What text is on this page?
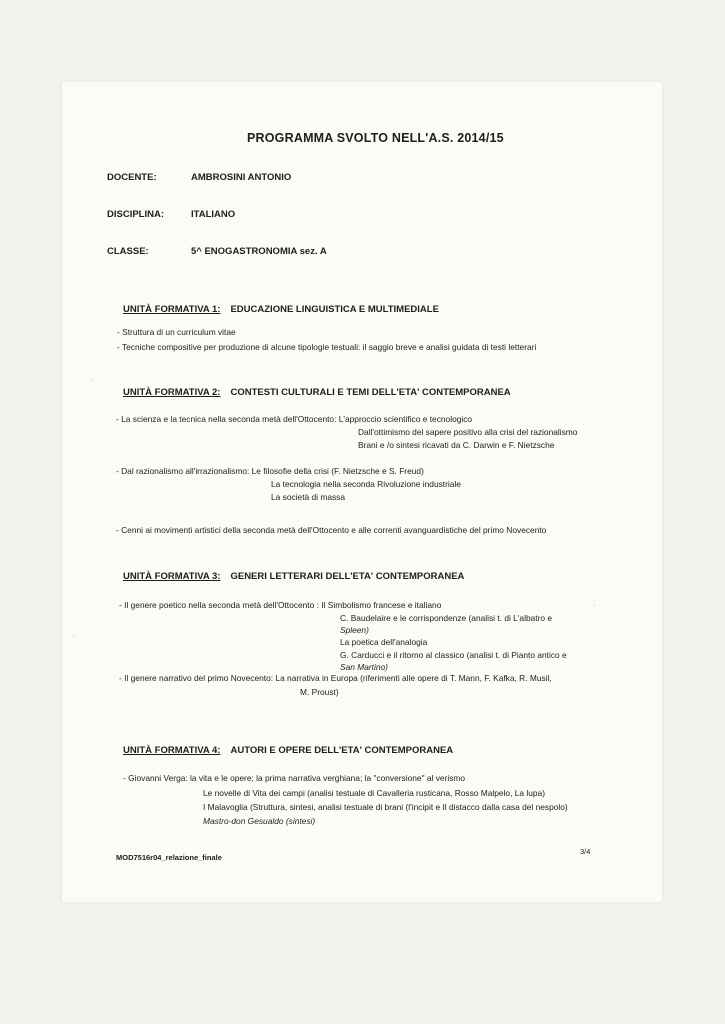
PROGRAMMA SVOLTO NELL'A.S. 2014/15
DOCENTE:	AMBROSINI ANTONIO
DISCIPLINA:	ITALIANO
CLASSE:	5^ ENOGASTRONOMIA sez. A
UNITÀ FORMATIVA 1: EDUCAZIONE LINGUISTICA E MULTIMEDIALE
- Struttura di un curriculum vitae
- Tecniche compositive per produzione di alcune tipologie testuali: il saggio breve e analisi guidata di testi letterari
UNITÀ FORMATIVA 2: CONTESTI CULTURALI E TEMI DELL'ETA' CONTEMPORANEA
- La scienza e la tecnica nella seconda metà dell'Ottocento: L'approccio scientifico e tecnologico
Dall'ottimismo del sapere positivo alla crisi del razionalismo
Brani e /o sintesi ricavati da C. Darwin e F. Nietzsche
- Dal razionalismo all'irrazionalismo: Le filosofie della crisi (F. Nietzsche e S. Freud)
La tecnologia nella seconda Rivoluzione industriale
La società di massa
- Cenni ai movimenti artistici della seconda metà dell'Ottocento e alle correnti avanguardistiche del primo Novecento
UNITÀ FORMATIVA 3: GENERI LETTERARI DELL'ETA' CONTEMPORANEA
- Il genere poetico nella seconda metà dell'Ottocento : Il Simbolismo francese e italiano
C. Baudelaire e le corrispondenze (analisi t. di L'albatro e
Spleen)
La poetica dell'analogia
G. Carducci e il ritorno al classico (analisi t. di Pianto antico e
San Martino)
- Il genere narrativo del primo Novecento: La narrativa in Europa (riferimenti alle opere di T. Mann, F. Kafka, R. Musil,
M. Proust)
UNITÀ FORMATIVA 4: AUTORI E OPERE DELL'ETA' CONTEMPORANEA
- Giovanni Verga: la vita e le opere; la prima narrativa verghiana; la "conversione" al verismo
Le novelle di Vita dei campi (analisi testuale di Cavalleria rusticana, Rosso Malpelo, La lupa)
I Malavoglia (Struttura, sintesi, analisi testuale di brani (l'incipit e Il distacco dalla casa del nespolo)
Mastro-don Gesualdo (sintesi)
MOD7516r04_relazione_finale
3/4
·
·
·
